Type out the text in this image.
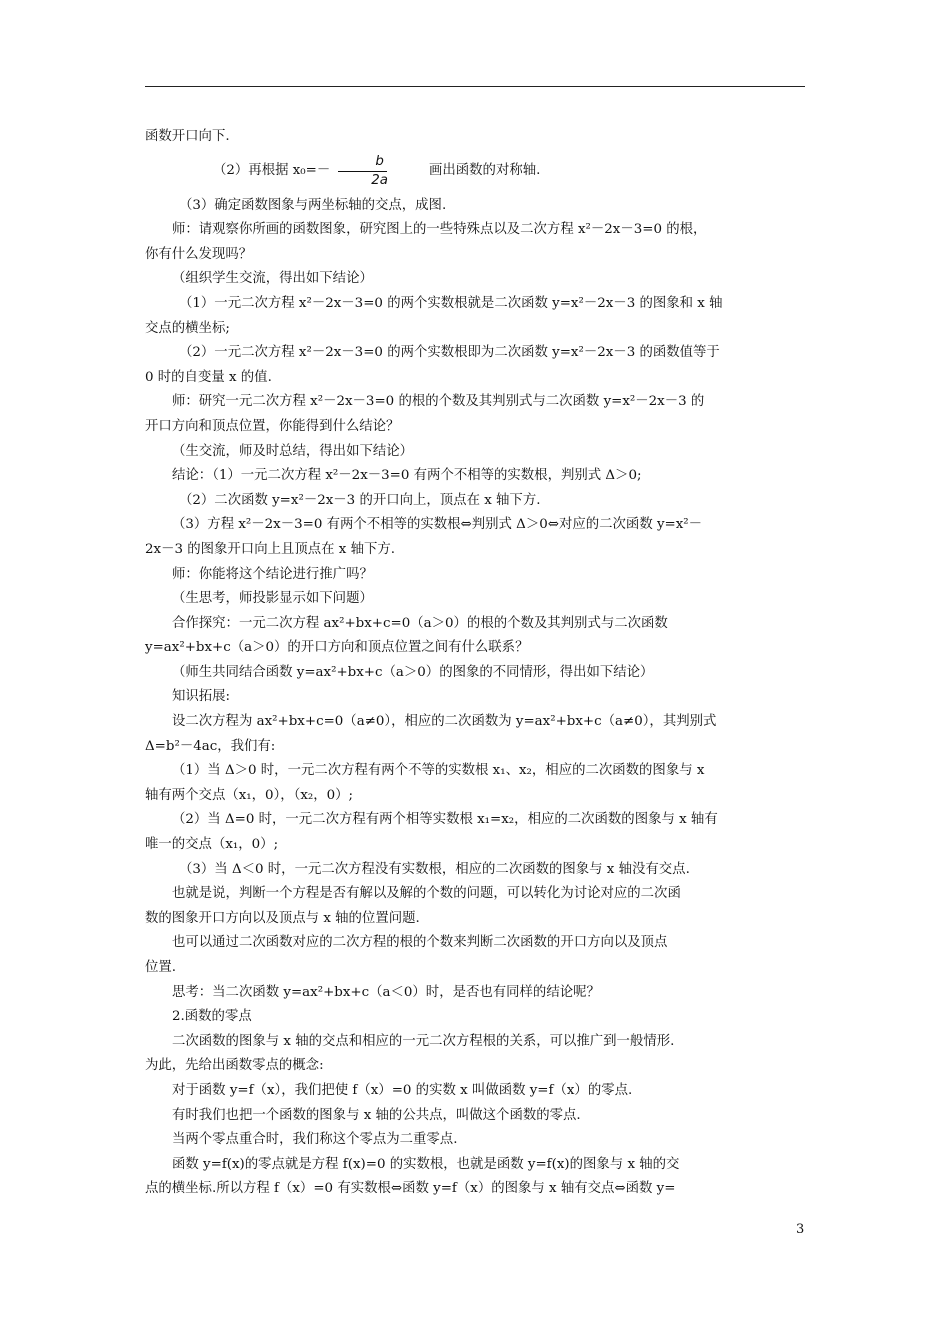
函数开口向下.

（2）再根据 $x_0=- \frac{b}{2a}$	画出函数的对称轴.

（3）确定函数图象与两坐标轴的交点，成图.

师：请观察你所画的函数图象，研究图上的一些特殊点以及二次方程 x²－2x－3=0 的根，

你有什么发现吗？

（组织学生交流，得出如下结论）

（1）一元二次方程 x²－2x－3=0 的两个实数根就是二次函数 y=x²－2x－3 的图象和 x 轴

交点的横坐标;

（2）一元二次方程 x²－2x－3=0 的两个实数根即为二次函数 y=x²－2x－3 的函数值等于

0 时的自变量 x 的值.

师：研究一元二次方程 x²－2x－3=0 的根的个数及其判别式与二次函数 y=x²－2x－3 的

开口方向和顶点位置，你能得到什么结论？

（生交流，师及时总结，得出如下结论）

结论：（1）一元二次方程 x²－2x－3=0 有两个不相等的实数根，判别式 Δ＞0;

（2）二次函数 y=x²－2x－3 的开口向上，顶点在 x 轴下方.

（3）方程 x²－2x－3=0 有两个不相等的实数根⇔判别式 Δ＞0⇔对应的二次函数 y=x²－

2x－3 的图象开口向上且顶点在 x 轴下方.

师：你能将这个结论进行推广吗？

（生思考，师投影显示如下问题）

合作探究：一元二次方程 ax²+bx+c=0（a＞0）的根的个数及其判别式与二次函数

y=ax²+bx+c（a＞0）的开口方向和顶点位置之间有什么联系？

（师生共同结合函数 y=ax²+bx+c（a＞0）的图象的不同情形，得出如下结论）

知识拓展:

设二次方程为 ax²+bx+c=0（a≠0），相应的二次函数为 y=ax²+bx+c（a≠0），其判别式

Δ=b²－4ac，我们有:

（1）当 Δ＞0 时，一元二次方程有两个不等的实数根 x₁、x₂，相应的二次函数的图象与 x

轴有两个交点（x₁，0），（x₂，0）;

（2）当 Δ=0 时，一元二次方程有两个相等实数根 x₁=x₂，相应的二次函数的图象与 x 轴有

唯一的交点（x₁，0）;

（3）当 Δ＜0 时，一元二次方程没有实数根，相应的二次函数的图象与 x 轴没有交点.

也就是说，判断一个方程是否有解以及解的个数的问题，可以转化为讨论对应的二次函

数的图象开口方向以及顶点与 x 轴的位置问题.

也可以通过二次函数对应的二次方程的根的个数来判断二次函数的开口方向以及顶点

位置.

思考：当二次函数 y=ax²+bx+c（a＜0）时，是否也有同样的结论呢？

2.函数的零点

二次函数的图象与 x 轴的交点和相应的一元二次方程根的关系，可以推广到一般情形.

为此，先给出函数零点的概念:

对于函数 y=f（x），我们把使 f（x）=0 的实数 x 叫做函数 y=f（x）的零点.

有时我们也把一个函数的图象与 x 轴的公共点，叫做这个函数的零点.

当两个零点重合时，我们称这个零点为二重零点.

函数 y=f(x)的零点就是方程 f(x)=0 的实数根，也就是函数 y=f(x)的图象与 x 轴的交

点的横坐标.所以方程 f（x）=0 有实数根⇔函数 y=f（x）的图象与 x 轴有交点⇔函数 y=

3
